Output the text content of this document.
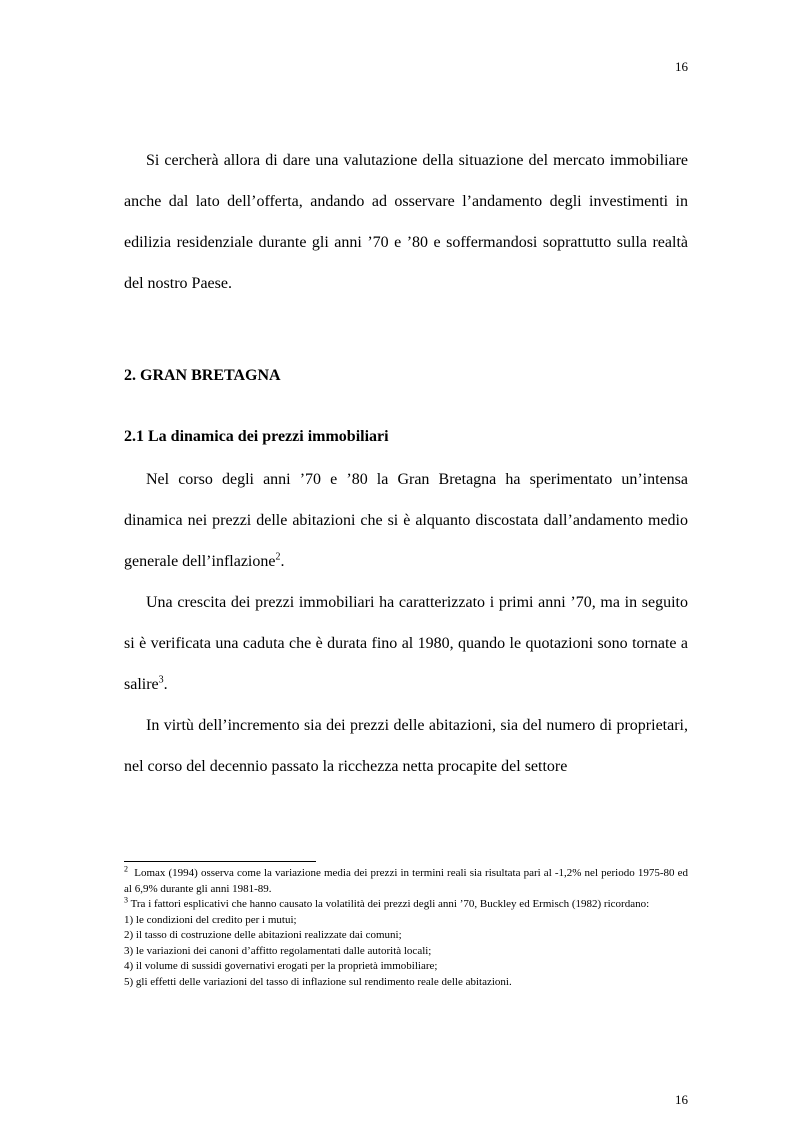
16

Si cercherà allora di dare una valutazione della situazione del mercato immobiliare anche dal lato dell’offerta, andando ad osservare l’andamento degli investimenti in edilizia residenziale durante gli anni ’70 e ’80 e soffermandosi soprattutto sulla realtà del nostro Paese.

2. GRAN BRETAGNA
2.1 La dinamica dei prezzi immobiliari

Nel corso degli anni ’70 e ’80 la Gran Bretagna ha sperimentato un’intensa dinamica nei prezzi delle abitazioni che si è alquanto discostata dall’andamento medio generale dell’inflazione$^2$.

Una crescita dei prezzi immobiliari ha caratterizzato i primi anni ’70, ma in seguito si è verificata una caduta che è durata fino al 1980, quando le quotazioni sono tornate a salire$^3$.

In virtù dell’incremento sia dei prezzi delle abitazioni, sia del numero di proprietari, nel corso del decennio passato la ricchezza netta procapite del settore

$^2$ Lomax (1994) osserva come la variazione media dei prezzi in termini reali sia risultata pari al -1,2% nel periodo 1975-80 ed al 6,9% durante gli anni 1981-89.

$^3$ Tra i fattori esplicativi che hanno causato la volatilità dei prezzi degli anni ’70, Buckley ed Ermisch (1982) ricordano:

1) le condizioni del credito per i mutui;
2) il tasso di costruzione delle abitazioni realizzate dai comuni;
3) le variazioni dei canoni d’affitto regolamentati dalle autorità locali;
4) il volume di sussidi governativi erogati per la proprietà immobiliare;
5) gli effetti delle variazioni del tasso di inflazione sul rendimento reale delle abitazioni.
16
